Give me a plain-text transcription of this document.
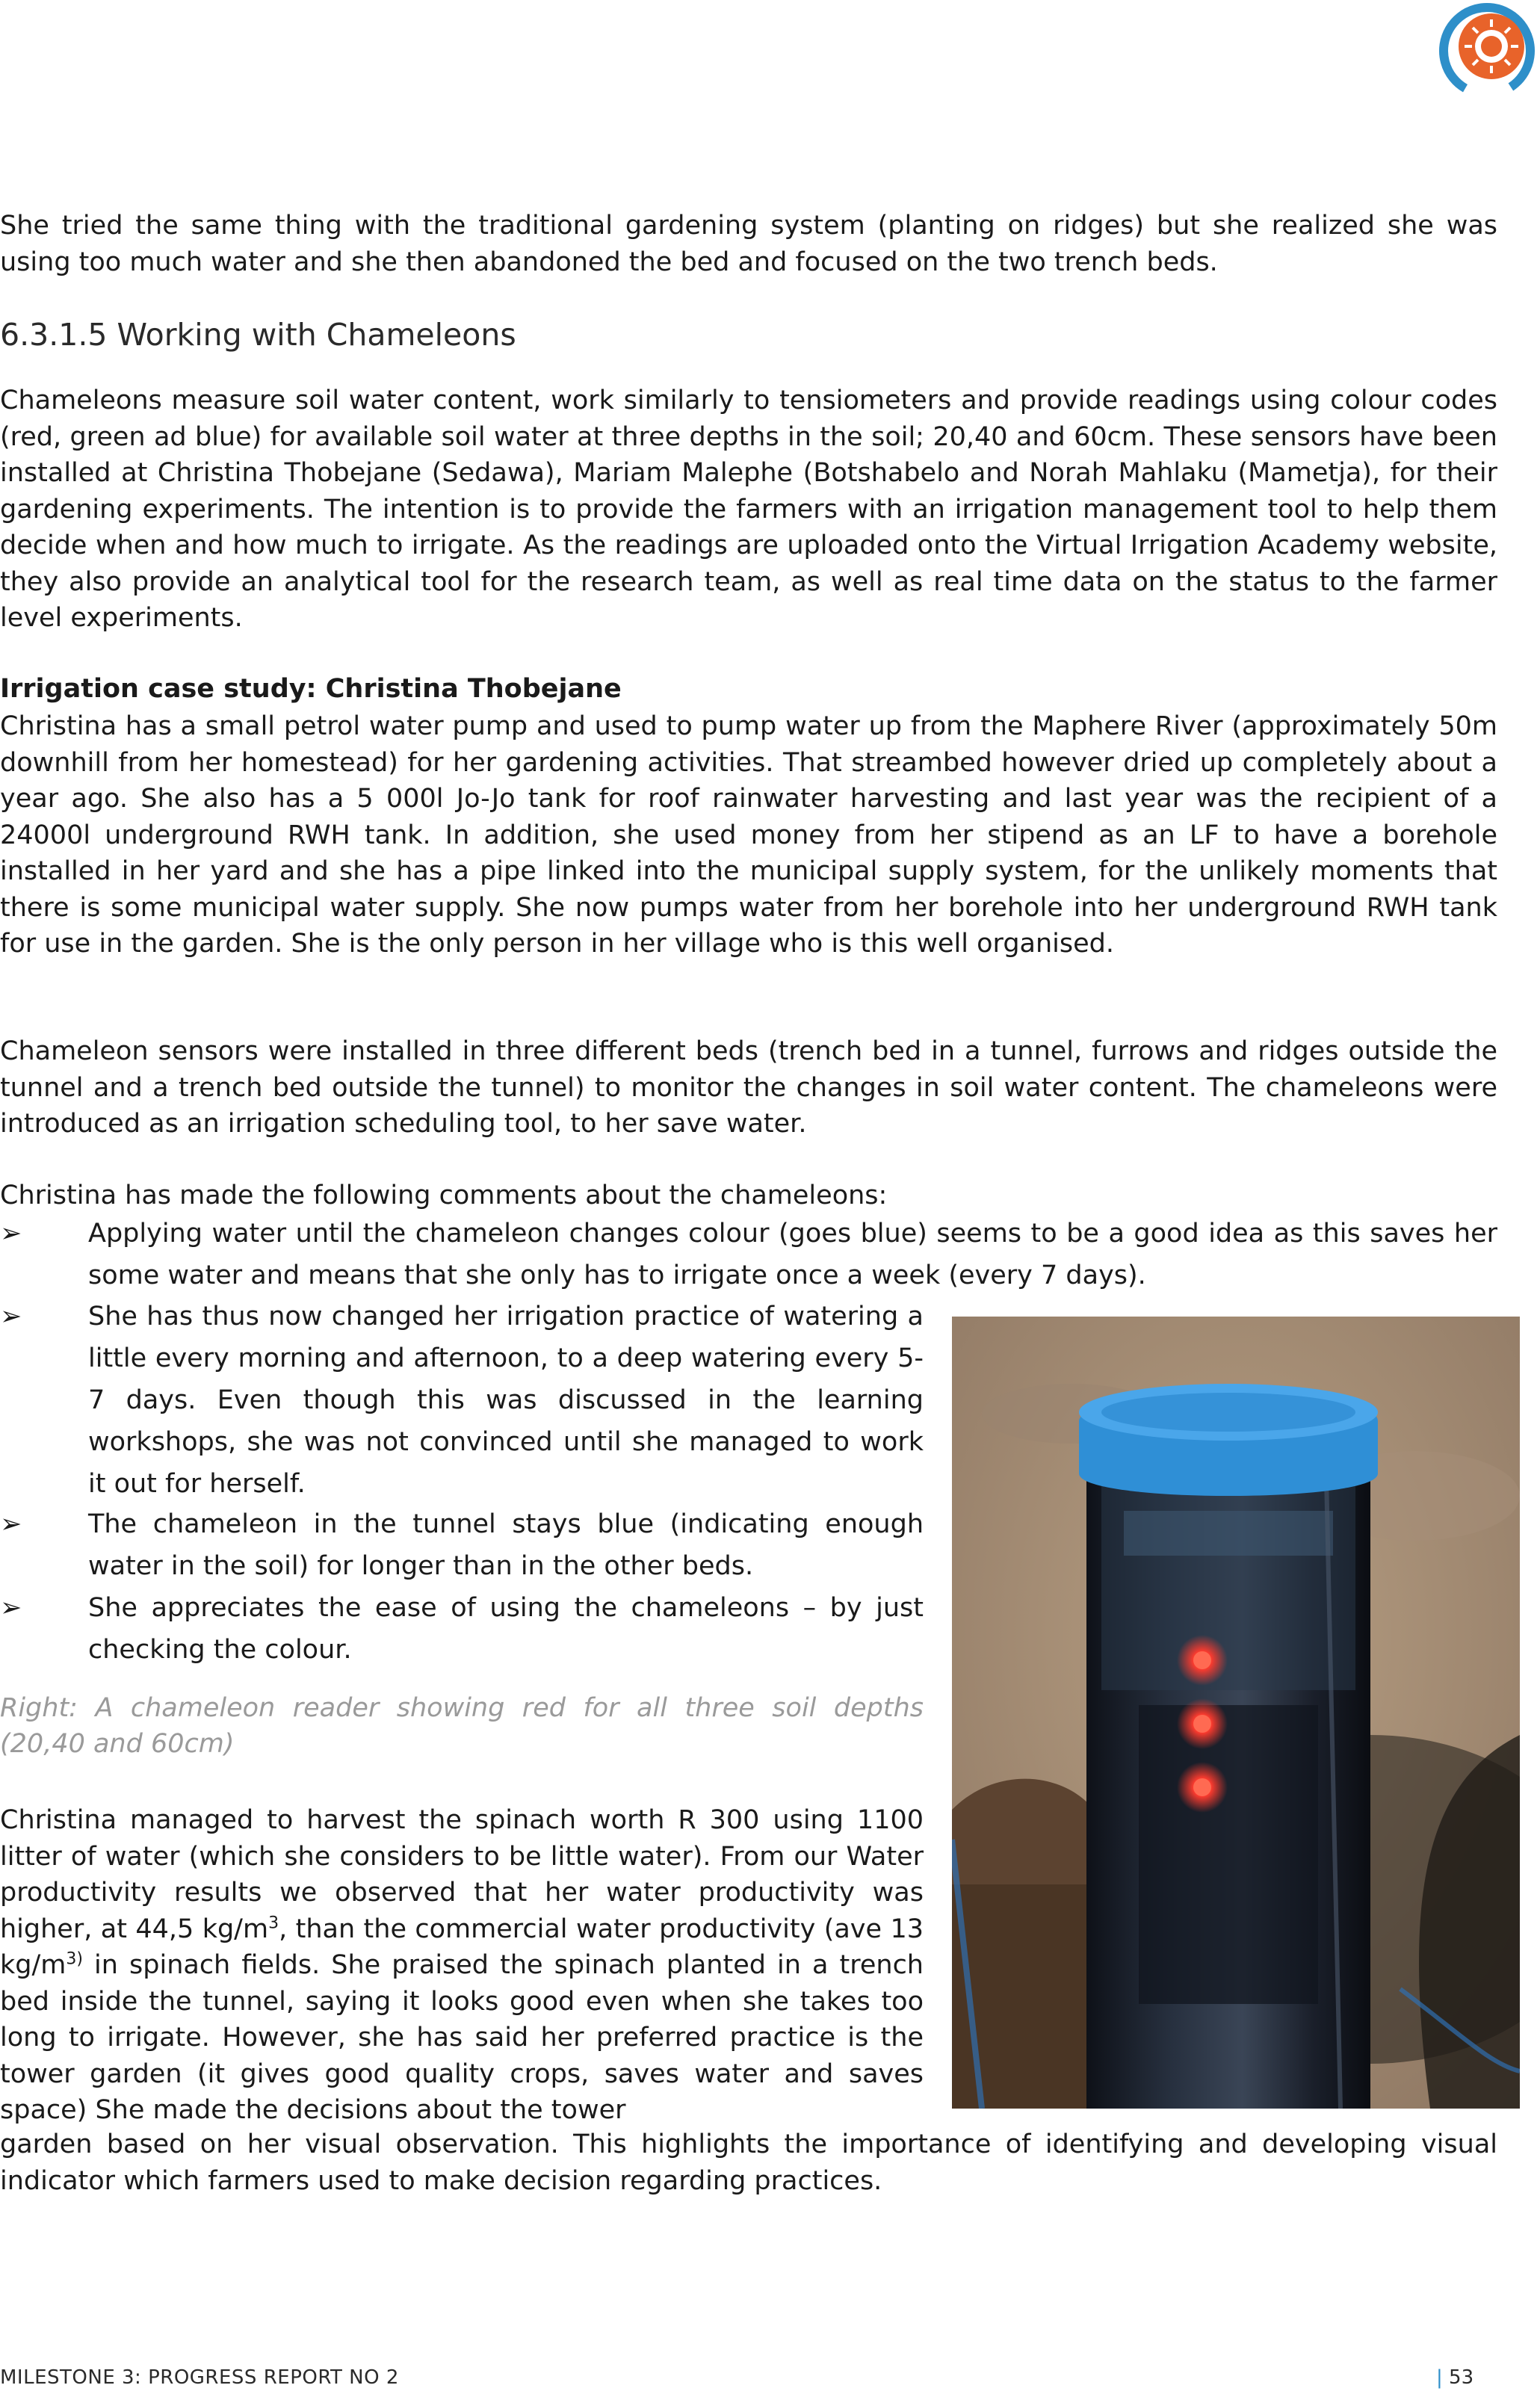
She tried the same thing with the traditional gardening system (planting on ridges) but she realized she was using too much water and she then abandoned the bed and focused on the two trench beds.

6.3.1.5 Working with Chameleons

Chameleons measure soil water content, work similarly to tensiometers and provide readings using colour codes (red, green ad blue) for available soil water at three depths in the soil; 20,40 and 60cm. These sensors have been installed at Christina Thobejane (Sedawa), Mariam Malephe (Botshabelo and Norah Mahlaku (Mametja), for their gardening experiments. The intention is to provide the farmers with an irrigation management tool to help them decide when and how much to irrigate. As the readings are uploaded onto the Virtual Irrigation Academy website, they also provide an analytical tool for the research team, as well as real time data on the status to the farmer level experiments.

Irrigation case study: Christina Thobejane

Christina has a small petrol water pump and used to pump water up from the Maphere River (approximately 50m downhill from her homestead) for her gardening activities. That streambed however dried up completely about a year ago. She also has a 5 000l Jo-Jo tank for roof rainwater harvesting and last year was the recipient of a 24000l underground RWH tank. In addition, she used money from her stipend as an LF to have a borehole installed in her yard and she has a pipe linked into the municipal supply system, for the unlikely moments that there is some municipal water supply. She now pumps water from her borehole into her underground RWH tank for use in the garden. She is the only person in her village who is this well organised.

Chameleon sensors were installed in three different beds (trench bed in a tunnel, furrows and ridges outside the tunnel and a trench bed outside the tunnel) to monitor the changes in soil water content. The chameleons were introduced as an irrigation scheduling tool, to her save water.

Christina has made the following comments about the chameleons:

➢	Applying water until the chameleon changes colour (goes blue) seems to be a good idea as this saves her some water and means that she only has to irrigate once a week (every 7 days).
➢	She has thus now changed her irrigation practice of watering a little every morning and afternoon, to a deep watering every 5-7 days. Even though this was discussed in the learning workshops, she was not convinced until she managed to work it out for herself.
➢	The chameleon in the tunnel stays blue (indicating enough water in the soil) for longer than in the other beds.
➢	She appreciates the ease of using the chameleons – by just checking the colour.

Right: A chameleon reader showing red for all three soil depths (20,40 and 60cm)

Christina managed to harvest the spinach worth R 300 using 1100 litter of water (which she considers to be little water). From our Water productivity results we observed that her water productivity was higher, at 44,5 $kg/m^3$, than the commercial water productivity (ave 13 $kg/m^{3)}$ in spinach fields. She praised the spinach planted in a trench bed inside the tunnel, saying it looks good even when she takes too long to irrigate. However, she has said her preferred practice is the tower garden (it gives good quality crops, saves water and saves space) She made the decisions about the tower

garden based on her visual observation. This highlights the importance of identifying and developing visual indicator which farmers used to make decision regarding practices.

MILESTONE 3: PROGRESS REPORT NO 2	| 53
